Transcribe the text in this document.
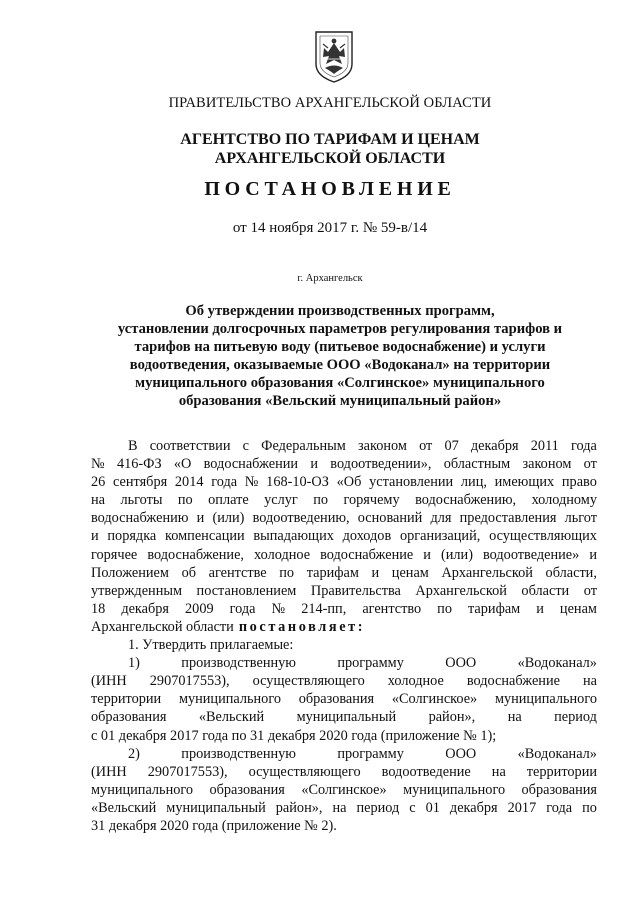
ПРАВИТЕЛЬСТВО АРХАНГЕЛЬСКОЙ ОБЛАСТИ
АГЕНТСТВО ПО ТАРИФАМ И ЦЕНАМ
АРХАНГЕЛЬСКОЙ ОБЛАСТИ
ПОСТАНОВЛЕНИЕ
от 14 ноября 2017 г. № 59-в/14
г. Архангельск
Об утверждении производственных программ,
установлении долгосрочных параметров регулирования тарифов и
тарифов на питьевую воду (питьевое водоснабжение) и услуги
водоотведения, оказываемые ООО «Водоканал» на территории
муниципального образования «Солгинское» муниципального
образования «Вельский муниципальный район»
В соответствии с Федеральным законом от 07 декабря 2011 года
№ 416-ФЗ «О водоснабжении и водоотведении», областным законом от
26 сентября 2014 года № 168-10-ОЗ «Об установлении лиц, имеющих право
на льготы по оплате услуг по горячему водоснабжению, холодному
водоснабжению и (или) водоотведению, оснований для предоставления льгот
и порядка компенсации выпадающих доходов организаций, осуществляющих
горячее водоснабжение, холодное водоснабжение и (или) водоотведение» и
Положением об агентстве по тарифам и ценам Архангельской области,
утвержденным постановлением Правительства Архангельской области от
18 декабря 2009 года № 214-пп, агентство по тарифам и ценам
Архангельской области постановляет:
1. Утвердить прилагаемые:
1)	производственную	программу	ООО	«Водоканал»
(ИНН 2907017553), осуществляющего холодное водоснабжение на
территории муниципального образования «Солгинское» муниципального
образования «Вельский муниципальный район», на период
с 01 декабря 2017 года по 31 декабря 2020 года (приложение № 1);
2)	производственную	программу	ООО	«Водоканал»
(ИНН 2907017553), осуществляющего водоотведение на территории
муниципального образования «Солгинское» муниципального образования
«Вельский муниципальный район», на период с 01 декабря 2017 года по
31 декабря 2020 года (приложение № 2).
